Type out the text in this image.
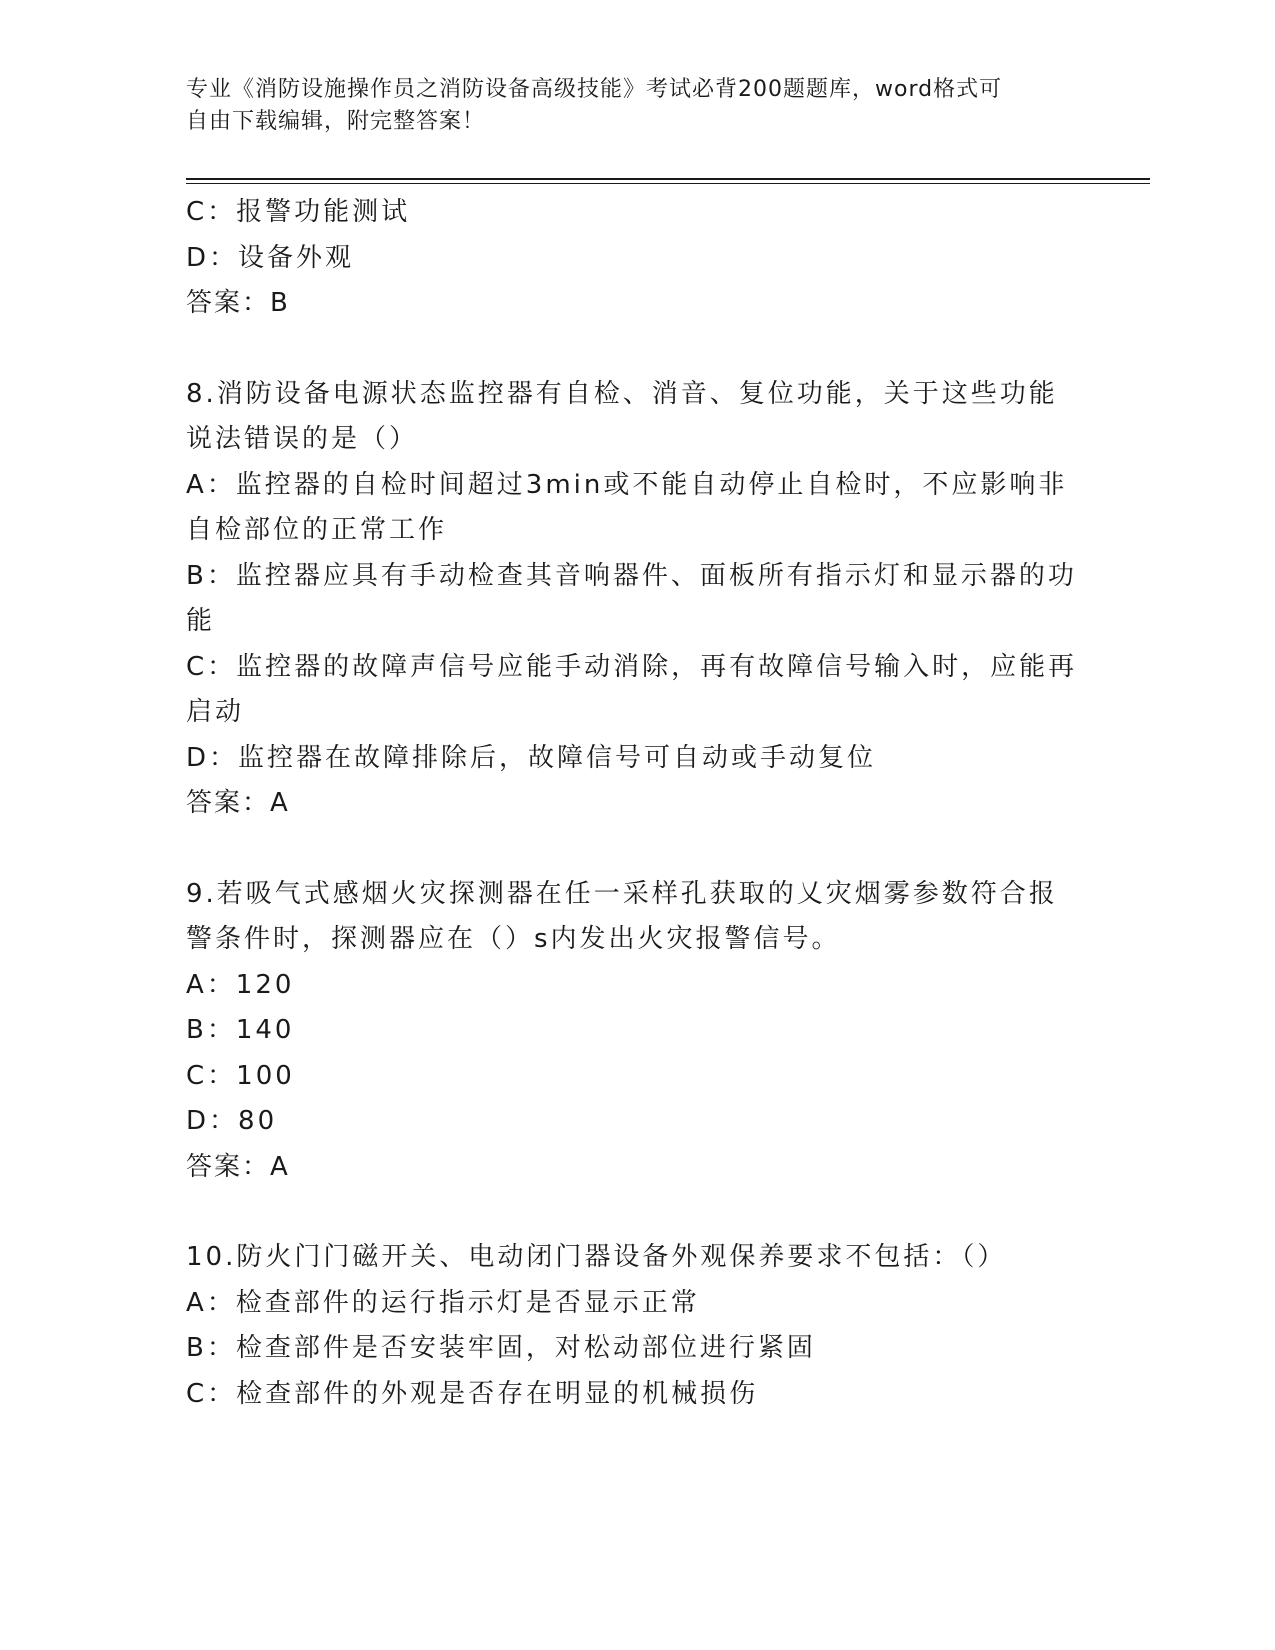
专业《消防设施操作员之消防设备高级技能》考试必背200题题库，word格式可
自由下载编辑，附完整答案！
C：报警功能测试
D：设备外观
答案：B
8.消防设备电源状态监控器有自检、消音、复位功能，关于这些功能
说法错误的是（）
A：监控器的自检时间超过3min或不能自动停止自检时，不应影响非
自检部位的正常工作
B：监控器应具有手动检查其音响器件、面板所有指示灯和显示器的功
能
C：监控器的故障声信号应能手动消除，再有故障信号输入时，应能再
启动
D：监控器在故障排除后，故障信号可自动或手动复位
答案：A
9.若吸气式感烟火灾探测器在任一采样孔获取的乂灾烟雾参数符合报
警条件时，探测器应在（）s内发出火灾报警信号。
A：120
B：140
C：100
D：80
答案：A
10.防火门门磁开关、电动闭门器设备外观保养要求不包括：（）
A：检查部件的运行指示灯是否显示正常
B：检查部件是否安装牢固，对松动部位进行紧固
C：检查部件的外观是否存在明显的机械损伤
